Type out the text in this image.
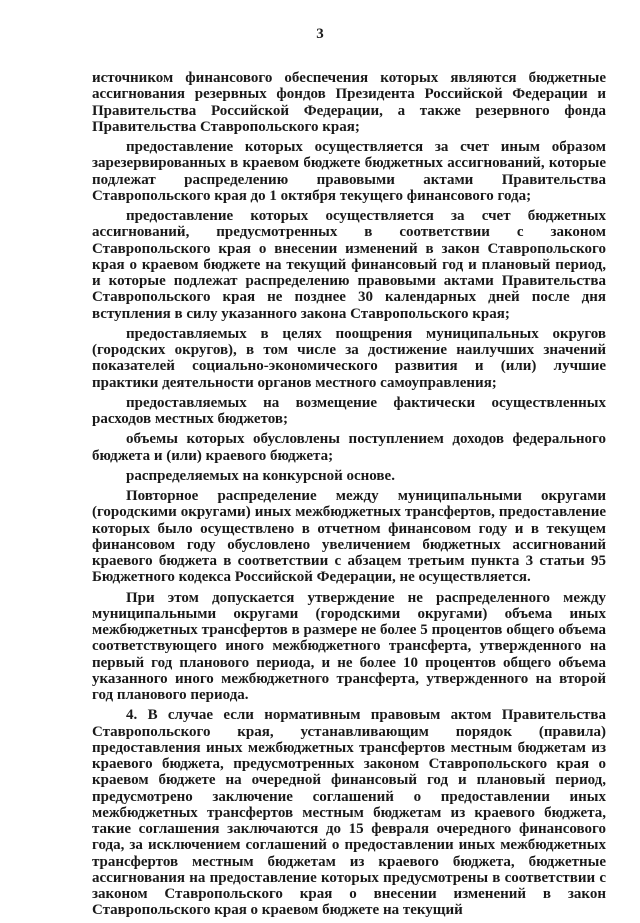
3

источником финансового обеспечения которых являются бюджетные ассигнования резервных фондов Президента Российской Федерации и Правительства Российской Федерации, а также резервного фонда Правительства Ставропольского края;

предоставление которых осуществляется за счет иным образом зарезервированных в краевом бюджете бюджетных ассигнований, которые подлежат распределению правовыми актами Правительства Ставропольского края до 1 октября текущего финансового года;

предоставление которых осуществляется за счет бюджетных ассигнований, предусмотренных в соответствии с законом Ставропольского края о внесении изменений в закон Ставропольского края о краевом бюджете на текущий финансовый год и плановый период, и которые подлежат распределению правовыми актами Правительства Ставропольского края не позднее 30 календарных дней после дня вступления в силу указанного закона Ставропольского края;

предоставляемых в целях поощрения муниципальных округов (городских округов), в том числе за достижение наилучших значений показателей социально-экономического развития и (или) лучшие практики деятельности органов местного самоуправления;

предоставляемых на возмещение фактически осуществленных расходов местных бюджетов;

объемы которых обусловлены поступлением доходов федерального бюджета и (или) краевого бюджета;

распределяемых на конкурсной основе.

Повторное распределение между муниципальными округами (городскими округами) иных межбюджетных трансфертов, предоставление которых было осуществлено в отчетном финансовом году и в текущем финансовом году обусловлено увеличением бюджетных ассигнований краевого бюджета в соответствии с абзацем третьим пункта 3 статьи 95 Бюджетного кодекса Российской Федерации, не осуществляется.

При этом допускается утверждение не распределенного между муниципальными округами (городскими округами) объема иных межбюджетных трансфертов в размере не более 5 процентов общего объема соответствующего иного межбюджетного трансферта, утвержденного на первый год планового периода, и не более 10 процентов общего объема указанного иного межбюджетного трансферта, утвержденного на второй год планового периода.

4. В случае если нормативным правовым актом Правительства Ставропольского края, устанавливающим порядок (правила) предоставления иных межбюджетных трансфертов местным бюджетам из краевого бюджета, предусмотренных законом Ставропольского края о краевом бюджете на очередной финансовый год и плановый период, предусмотрено заключение соглашений о предоставлении иных межбюджетных трансфертов местным бюджетам из краевого бюджета, такие соглашения заключаются до 15 февраля очередного финансового года, за исключением соглашений о предоставлении иных межбюджетных трансфертов местным бюджетам из краевого бюджета, бюджетные ассигнования на предоставление которых предусмотрены в соответствии с законом Ставропольского края о внесении изменений в закон Ставропольского края о краевом бюджете на текущий
